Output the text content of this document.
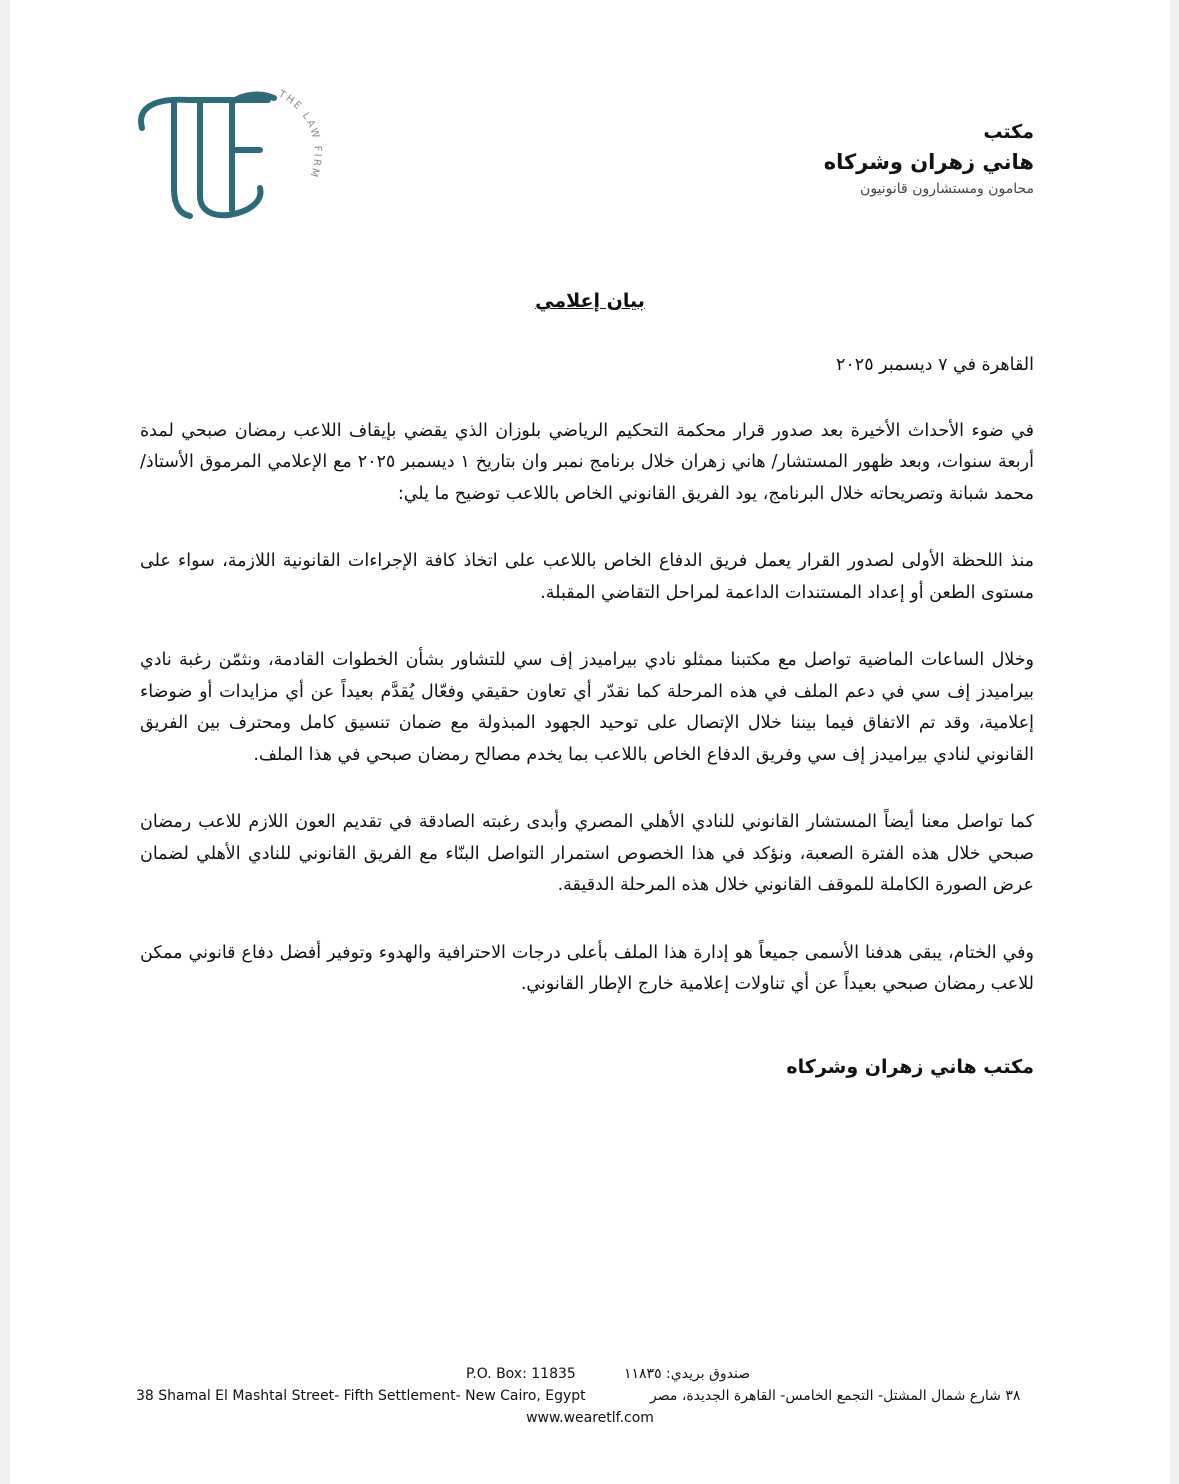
THE LAW FIRM
مكتب
هاني زهران وشركاه
محامون ومستشارون قانونيون
بيان إعلامي

القاهرة في ٧ ديسمبر ٢٠٢٥

في ضوء الأحداث الأخيرة بعد صدور قرار محكمة التحكيم الرياضي بلوزان الذي يقضي بإيقاف اللاعب رمضان صبحي لمدة أربعة سنوات، وبعد ظهور المستشار/ هاني زهران خلال برنامج نمبر وان بتاريخ ١ ديسمبر ٢٠٢٥ مع الإعلامي المرموق الأستاذ/ محمد شبانة وتصريحاته خلال البرنامج، يود الفريق القانوني الخاص باللاعب توضيح ما يلي:

منذ اللحظة الأولى لصدور القرار يعمل فريق الدفاع الخاص باللاعب على اتخاذ كافة الإجراءات القانونية اللازمة، سواء على مستوى الطعن أو إعداد المستندات الداعمة لمراحل التقاضي المقبلة.

وخلال الساعات الماضية تواصل مع مكتبنا ممثلو نادي بيراميدز إف سي للتشاور بشأن الخطوات القادمة، ونثمّن رغبة نادي بيراميدز إف سي في دعم الملف في هذه المرحلة كما نقدّر أي تعاون حقيقي وفعّال يُقدَّم بعيداً عن أي مزايدات أو ضوضاء إعلامية، وقد تم الاتفاق فيما بيننا خلال الإتصال على توحيد الجهود المبذولة مع ضمان تنسيق كامل ومحترف بين الفريق القانوني لنادي بيراميدز إف سي وفريق الدفاع الخاص باللاعب بما يخدم مصالح رمضان صبحي في هذا الملف.

كما تواصل معنا أيضاً المستشار القانوني للنادي الأهلي المصري وأبدى رغبته الصادقة في تقديم العون اللازم للاعب رمضان صبحي خلال هذه الفترة الصعبة، ونؤكد في هذا الخصوص استمرار التواصل البنّاء مع الفريق القانوني للنادي الأهلي لضمان عرض الصورة الكاملة للموقف القانوني خلال هذه المرحلة الدقيقة.

وفي الختام، يبقى هدفنا الأسمى جميعاً هو إدارة هذا الملف بأعلى درجات الاحترافية والهدوء وتوفير أفضل دفاع قانوني ممكن للاعب رمضان صبحي بعيداً عن أي تناولات إعلامية خارج الإطار القانوني.

مكتب هاني زهران وشركاه
P.O. Box: 11835	صندوق بريدي: ١١٨٣٥
38 Shamal El Mashtal Street- Fifth Settlement- New Cairo, Egypt	٣٨ شارع شمال المشتل- التجمع الخامس- القاهرة الجديدة، مصر
www.wearetlf.com
